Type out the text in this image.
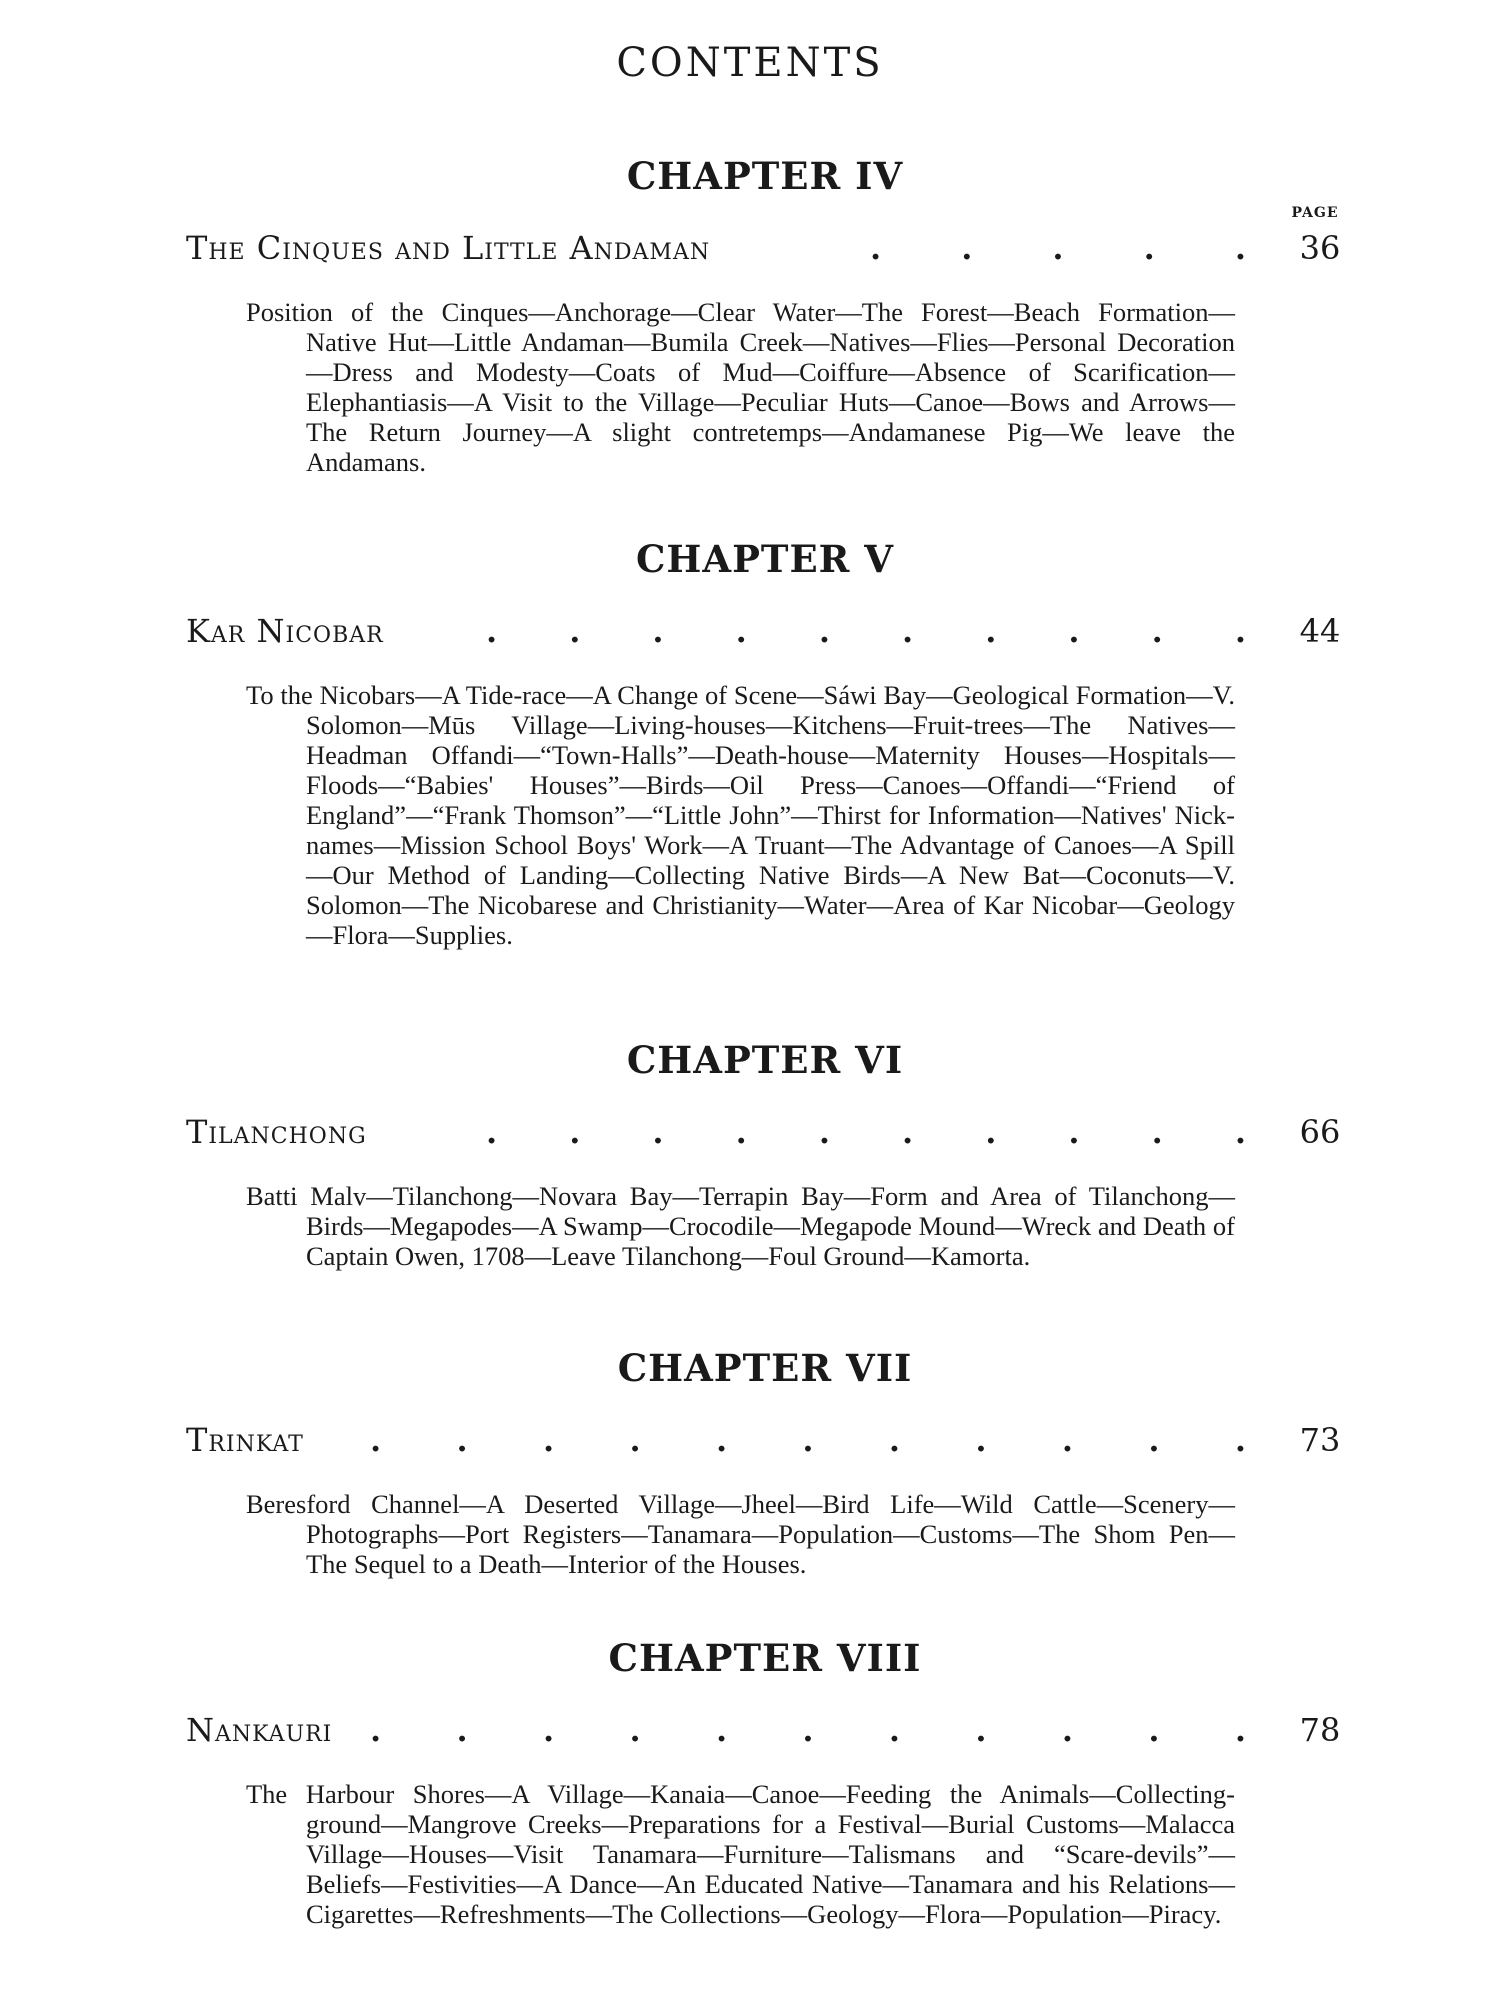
CONTENTS
PAGE
CHAPTER IV
The Cinques and Little Andaman	.	.	.	.	.	36

Position of the Cinques—Anchorage—Clear Water—The Forest—Beach Formation—Native Hut—Little Andaman—Bumila Creek—Natives—Flies—Personal Decoration—Dress and Modesty—Coats of Mud—Coiffure—Absence of Scarification—Elephantiasis—A Visit to the Village—Peculiar Huts—Canoe—Bows and Arrows—The Return Journey—A slight contretemps—Andamanese Pig—We leave the Andamans.

CHAPTER V
Kar Nicobar	. . . . . . . . . .	44

To the Nicobars—A Tide-race—A Change of Scene—Sáwi Bay—Geological Formation—V. Solomon—Mūs Village—Living-houses—Kitchens—Fruit-trees—The Natives—Headman Offandi—“Town-Halls”—Death-house—Maternity Houses—Hospitals—Floods—“Babies' Houses”—Birds—Oil Press—Canoes—Offandi—“Friend of England”—“Frank Thomson”—“Little John”—Thirst for Information—Natives' Nick-names—Mission School Boys' Work—A Truant—The Advantage of Canoes—A Spill—Our Method of Landing—Collecting Native Birds—A New Bat—Coconuts—V. Solomon—The Nicobarese and Christianity—Water—Area of Kar Nicobar—Geology—Flora—Supplies.

CHAPTER VI
Tilanchong	. . . . . . . . . .	66

Batti Malv—Tilanchong—Novara Bay—Terrapin Bay—Form and Area of Tilanchong—Birds—Megapodes—A Swamp—Crocodile—Megapode Mound—Wreck and Death of Captain Owen, 1708—Leave Tilanchong—Foul Ground—Kamorta.

CHAPTER VII
Trinkat . . . . . . . . . . .	73

Beresford Channel—A Deserted Village—Jheel—Bird Life—Wild Cattle—Scenery—Photographs—Port Registers—Tanamara—Population—Customs—The Shom Pen—The Sequel to a Death—Interior of the Houses.

CHAPTER VIII
Nankauri . . . . . . . . . . .	78

The Harbour Shores—A Village—Kanaia—Canoe—Feeding the Animals—Collecting-ground—Mangrove Creeks—Preparations for a Festival—Burial Customs—Malacca Village—Houses—Visit Tanamara—Furniture—Talismans and “Scare-devils”—Beliefs—Festivities—A Dance—An Educated Native—Tanamara and his Relations—Cigarettes—Refreshments—The Collections—Geology—Flora—Population—Piracy.
